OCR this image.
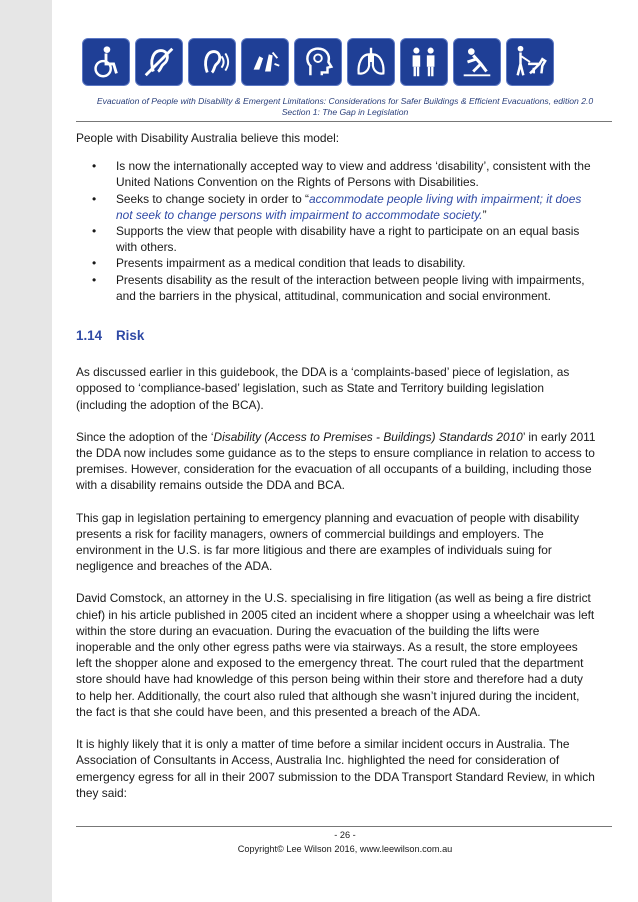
Evacuation of People with Disability & Emergent Limitations: Considerations for Safer Buildings & Efficient Evacuations, edition 2.0
Section 1: The Gap in Legislation

People with Disability Australia believe this model:

• Is now the internationally accepted way to view and address ‘disability’, consistent with the United Nations Convention on the Rights of Persons with Disabilities.
• Seeks to change society in order to “accommodate people living with impairment; it does not seek to change persons with impairment to accommodate society.”
• Supports the view that people with disability have a right to participate on an equal basis with others.
• Presents impairment as a medical condition that leads to disability.
• Presents disability as the result of the interaction between people living with impairments, and the barriers in the physical, attitudinal, communication and social environment.
1.14 Risk

As discussed earlier in this guidebook, the DDA is a ‘complaints-based’ piece of legislation, as opposed to ‘compliance-based’ legislation, such as State and Territory building legislation (including the adoption of the BCA).

Since the adoption of the ‘Disability (Access to Premises - Buildings) Standards 2010’ in early 2011 the DDA now includes some guidance as to the steps to ensure compliance in relation to access to premises. However, consideration for the evacuation of all occupants of a building, including those with a disability remains outside the DDA and BCA.

This gap in legislation pertaining to emergency planning and evacuation of people with disability presents a risk for facility managers, owners of commercial buildings and employers. The environment in the U.S. is far more litigious and there are examples of individuals suing for negligence and breaches of the ADA.

David Comstock, an attorney in the U.S. specialising in fire litigation (as well as being a fire district chief) in his article published in 2005 cited an incident where a shopper using a wheelchair was left within the store during an evacuation. During the evacuation of the building the lifts were inoperable and the only other egress paths were via stairways. As a result, the store employees left the shopper alone and exposed to the emergency threat. The court ruled that the department store should have had knowledge of this person being within their store and therefore had a duty to help her. Additionally, the court also ruled that although she wasn’t injured during the incident, the fact is that she could have been, and this presented a breach of the ADA.

It is highly likely that it is only a matter of time before a similar incident occurs in Australia. The Association of Consultants in Access, Australia Inc. highlighted the need for consideration of emergency egress for all in their 2007 submission to the DDA Transport Standard Review, in which they said:

- 26 -
Copyright© Lee Wilson 2016, www.leewilson.com.au
